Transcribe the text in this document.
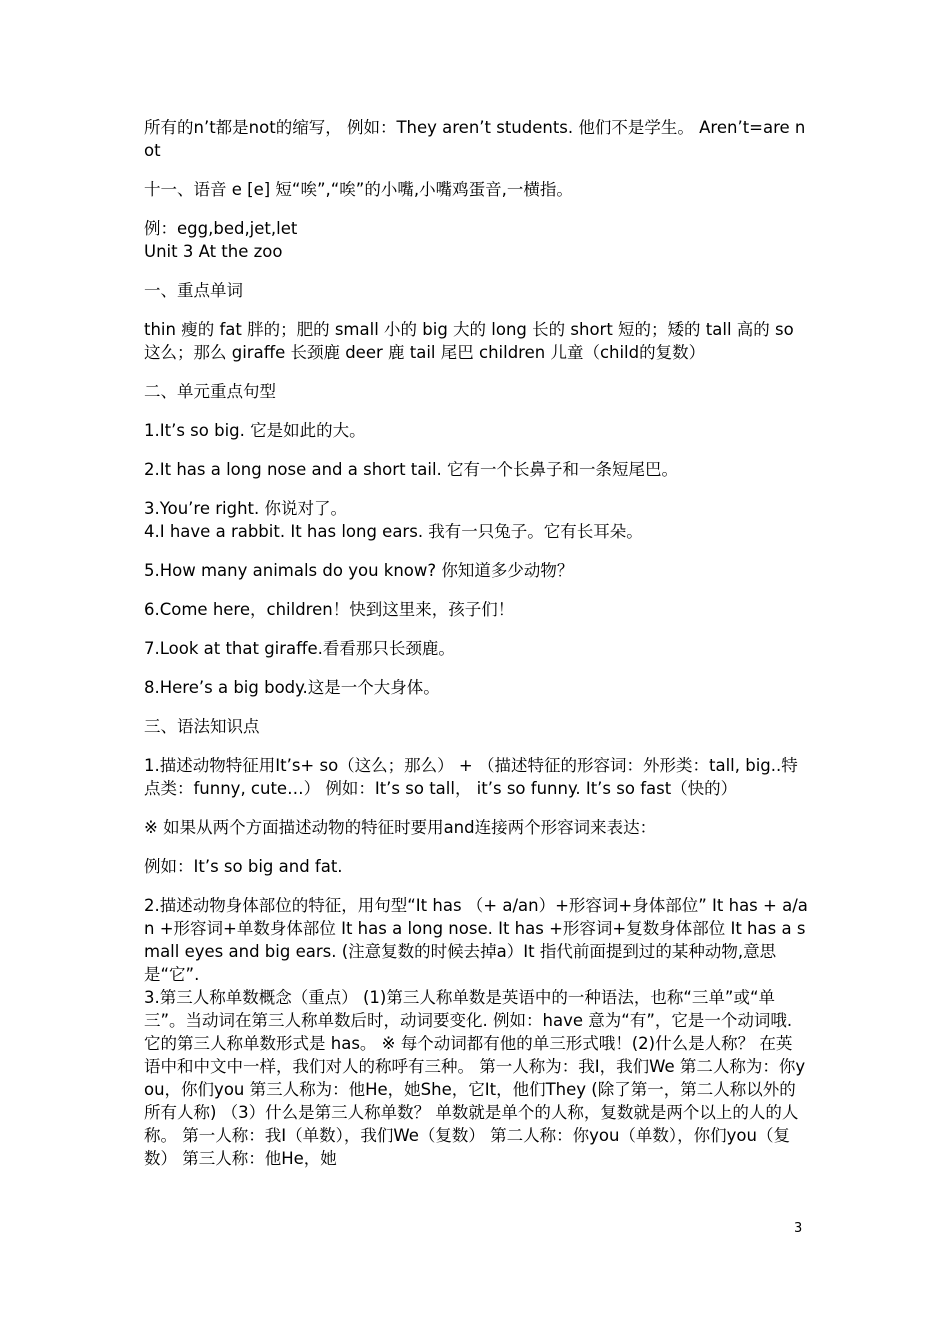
所有的n’t都是not的缩写， 例如：They aren’t students. 他们不是学生。 Aren’t=are not

十一、语音 e [e] 短“唉”,“唉”的小嘴,小嘴鸡蛋音,一横指。

例：egg,bed,jet,let

Unit 3 At the zoo

一、重点单词

thin 瘦的 fat 胖的；肥的 small 小的 big 大的 long 长的 short 短的；矮的 tall 高的 so 这么；那么 giraffe 长颈鹿 deer 鹿 tail 尾巴 children 儿童（child的复数）

二、单元重点句型

1.It’s so big. 它是如此的大。

2.It has a long nose and a short tail. 它有一个长鼻子和一条短尾巴。

3.You’re right. 你说对了。

4.I have a rabbit. It has long ears. 我有一只兔子。它有长耳朵。

5.How many animals do you know? 你知道多少动物？

6.Come here，children！快到这里来，孩子们！

7.Look at that giraffe.看看那只长颈鹿。

8.Here’s a big body.这是一个大身体。

三、语法知识点

1.描述动物特征用It’s+ so（这么；那么） + （描述特征的形容词：外形类：tall, big..特点类：funny, cute…） 例如：It’s so tall， it’s so funny. It’s so fast（快的）

※ 如果从两个方面描述动物的特征时要用and连接两个形容词来表达：

例如：It’s so big and fat.

2.描述动物身体部位的特征，用句型“It has （+ a/an）+形容词+身体部位” It has + a/an +形容词+单数身体部位 It has a long nose. It has +形容词+复数身体部位 It has a small eyes and big ears. (注意复数的时候去掉a）It 指代前面提到过的某种动物,意思是“它”.

3.第三人称单数概念（重点） (1)第三人称单数是英语中的一种语法，也称“三单”或“单三”。当动词在第三人称单数后时，动词要变化. 例如：have 意为“有”，它是一个动词哦. 它的第三人称单数形式是 has。 ※ 每个动词都有他的单三形式哦！(2)什么是人称？ 在英语中和中文中一样，我们对人的称呼有三种。 第一人称为：我I，我们We 第二人称为：你you，你们you 第三人称为：他He，她She，它It，他们They (除了第一，第二人称以外的所有人称) （3）什么是第三人称单数？ 单数就是单个的人称，复数就是两个以上的人的人称。 第一人称：我I（单数），我们We（复数） 第二人称：你you（单数），你们you（复数） 第三人称：他He，她

3
